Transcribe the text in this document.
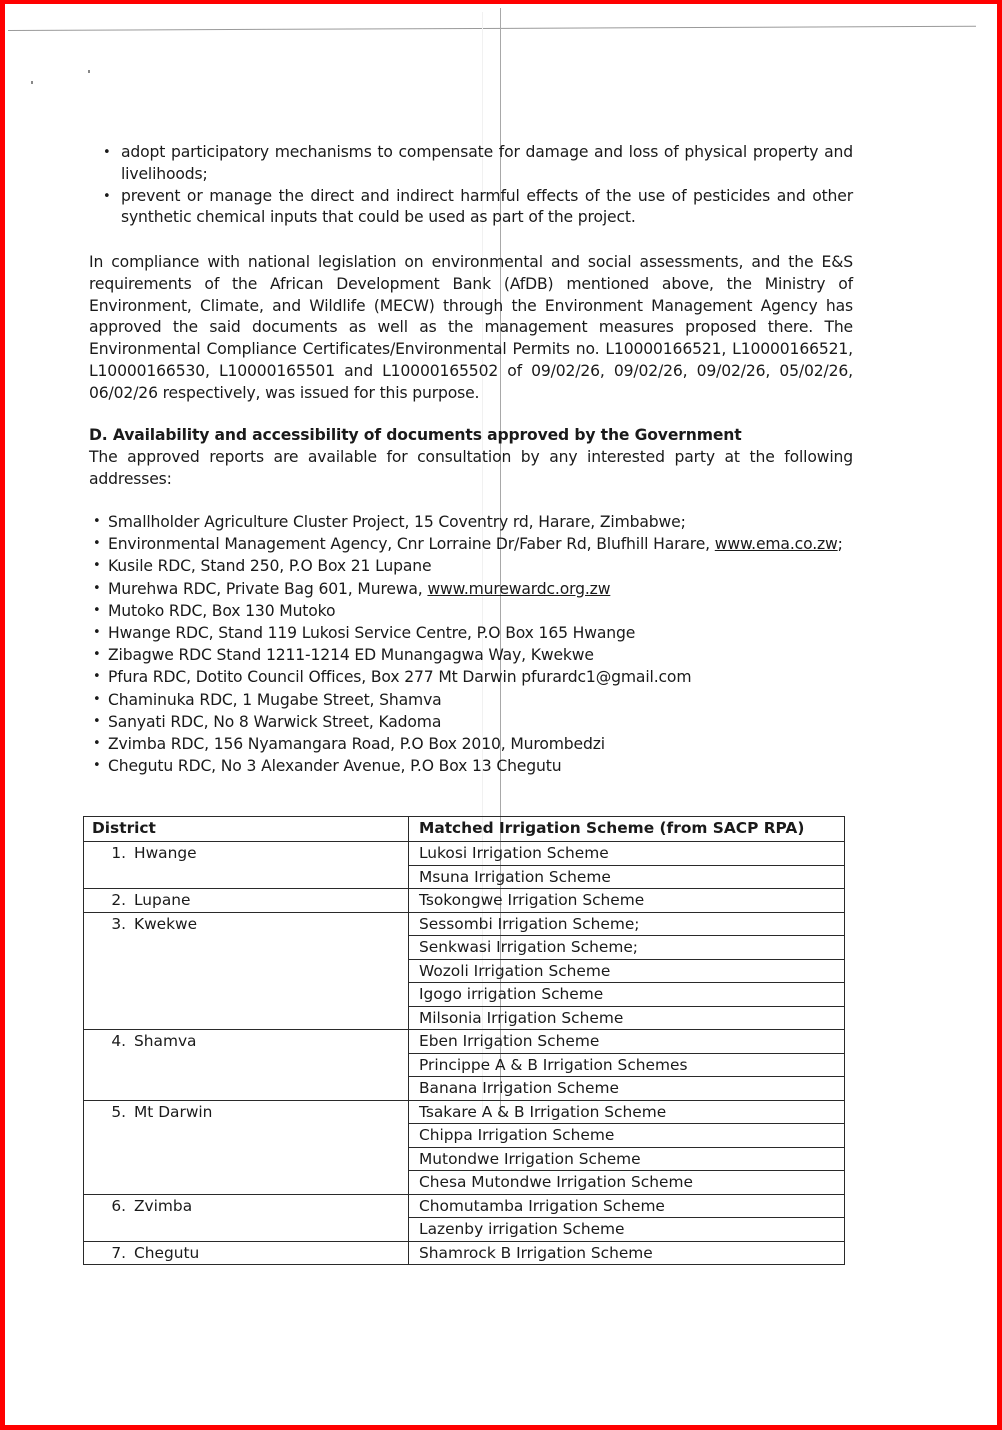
• adopt participatory mechanisms to compensate for damage and loss of physical property and livelihoods;
• prevent or manage the direct and indirect harmful effects of the use of pesticides and other synthetic chemical inputs that could be used as part of the project.

In compliance with national legislation on environmental and social assessments, and the E&S requirements of the African Development Bank (AfDB) mentioned above, the Ministry of Environment, Climate, and Wildlife (MECW) through the Environment Management Agency has approved the said documents as well as the management measures proposed there. The Environmental Compliance Certificates/Environmental Permits no. L10000166521, L10000166521, L10000166530, L10000165501 and L10000165502 of 09/02/26, 09/02/26, 09/02/26, 05/02/26, 06/02/26 respectively, was issued for this purpose.

D. Availability and accessibility of documents approved by the Government

The approved reports are available for consultation by any interested party at the following addresses:

• Smallholder Agriculture Cluster Project, 15 Coventry rd, Harare, Zimbabwe;
• Environmental Management Agency, Cnr Lorraine Dr/Faber Rd, Blufhill Harare, www.ema.co.zw;
• Kusile RDC, Stand 250, P.O Box 21 Lupane
• Murehwa RDC, Private Bag 601, Murewa, www.murewardc.org.zw
• Mutoko RDC, Box 130 Mutoko
• Hwange RDC, Stand 119 Lukosi Service Centre, P.O Box 165 Hwange
• Zibagwe RDC Stand 1211-1214 ED Munangagwa Way, Kwekwe
• Pfura RDC, Dotito Council Offices, Box 277 Mt Darwin pfurardc1@gmail.com
• Chaminuka RDC, 1 Mugabe Street, Shamva
• Sanyati RDC, No 8 Warwick Street, Kadoma
• Zvimba RDC, 156 Nyamangara Road, P.O Box 2010, Murombedzi
• Chegutu RDC, No 3 Alexander Avenue, P.O Box 13 Chegutu
District	Matched Irrigation Scheme (from SACP RPA)
1. Hwange	Lukosi Irrigation Scheme
	Msuna Irrigation Scheme
2. Lupane	Tsokongwe Irrigation Scheme
3. Kwekwe	Sessombi Irrigation Scheme;
	Senkwasi Irrigation Scheme;
	Wozoli Irrigation Scheme
	Igogo irrigation Scheme
	Milsonia Irrigation Scheme
4. Shamva	Eben Irrigation Scheme
	Princippe A & B Irrigation Schemes
	Banana Irrigation Scheme
5. Mt Darwin	Tsakare A & B Irrigation Scheme
	Chippa Irrigation Scheme
	Mutondwe Irrigation Scheme
	Chesa Mutondwe Irrigation Scheme
6. Zvimba	Chomutamba Irrigation Scheme
	Lazenby irrigation Scheme
7. Chegutu	Shamrock B Irrigation Scheme
